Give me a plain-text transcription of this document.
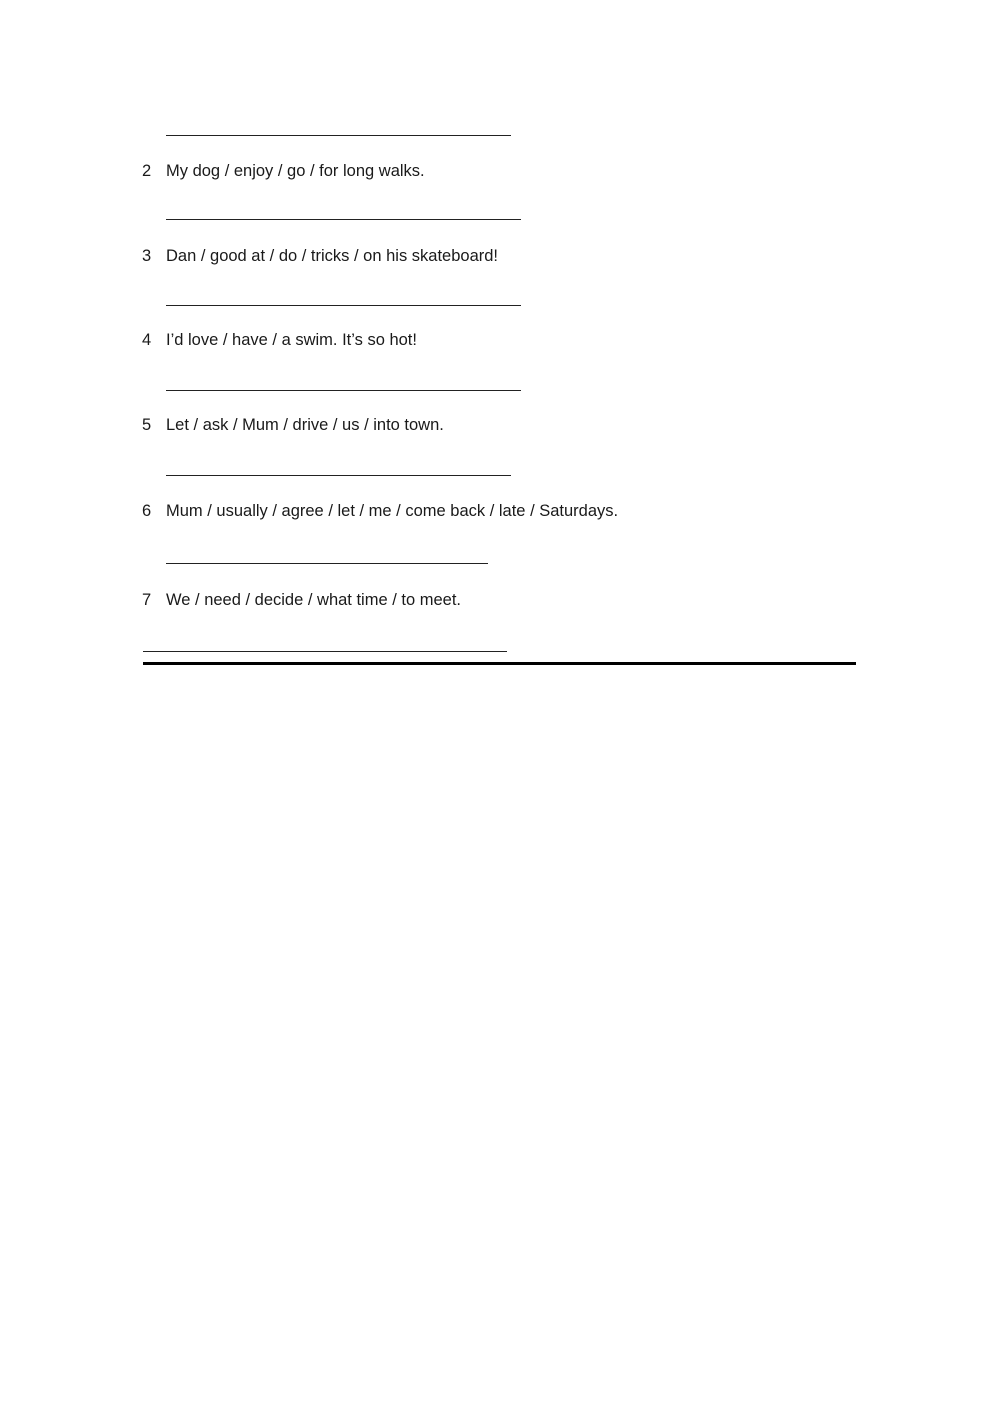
2 My dog / enjoy / go / for long walks.
3 Dan / good at / do / tricks / on his skateboard!
4 I’d love / have / a swim. It’s so hot!
5 Let / ask / Mum / drive / us / into town.
6 Mum / usually / agree / let / me / come back / late / Saturdays.
7 We / need / decide / what time / to meet.
